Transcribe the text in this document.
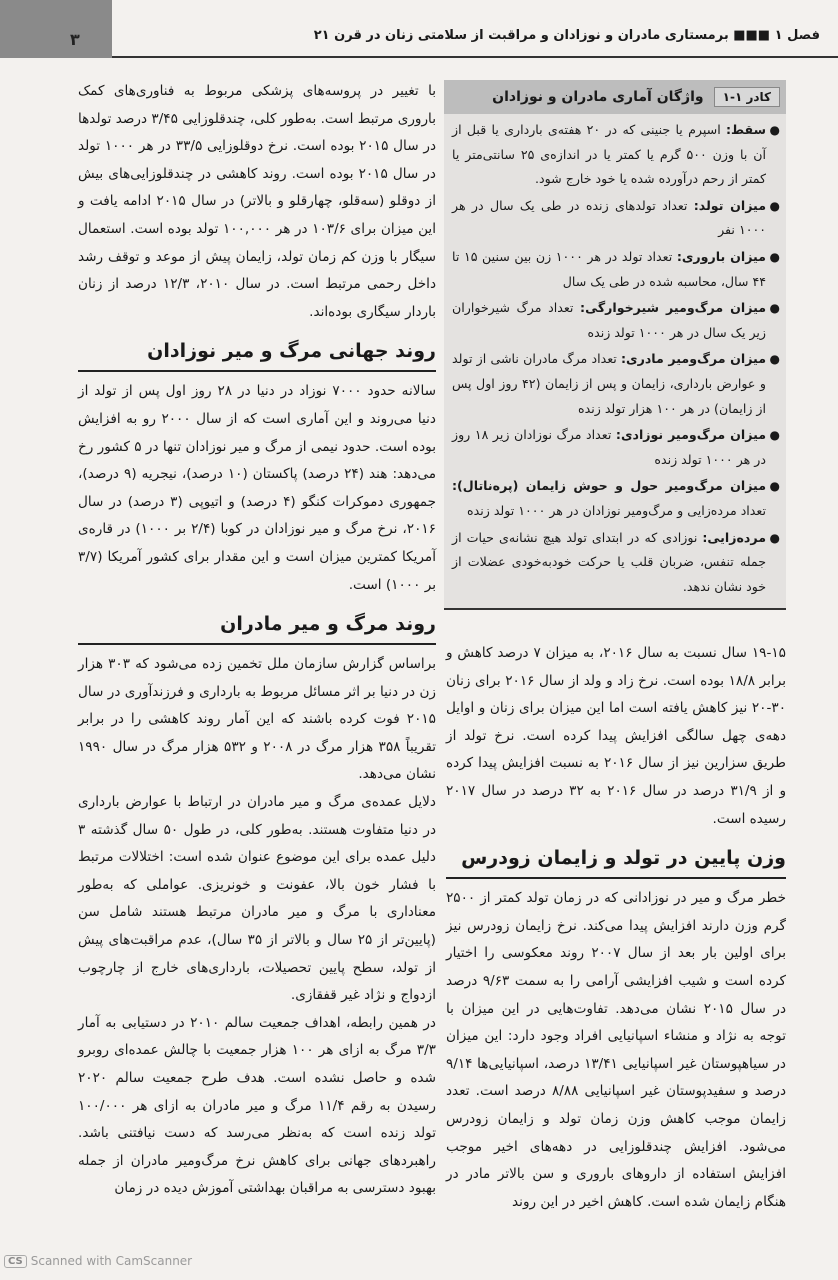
۳	فصل ۱ ■■■ برمستاری مادران و نوزادان و مراقبت از سلامتی زنان در قرن ۲۱
کادر ۱-۱
واژگان آماری مادران و نوزادان
●
سقط: اسپرم یا جنینی که در ۲۰ هفته‌ی بارداری یا قبل از آن با وزن ۵۰۰ گرم یا کمتر یا در اندازه‌ی ۲۵ سانتی‌متر یا کمتر از رحم درآورده شده یا خود خارج شود.
●
میزان تولد: تعداد تولدهای زنده در طی یک سال در هر ۱۰۰۰ نفر
●
میزان باروری: تعداد تولد در هر ۱۰۰۰ زن بین سنین ۱۵ تا ۴۴ سال، محاسبه شده در طی یک سال
●
میزان مرگ‌ومیر شیرخوارگی: تعداد مرگ شیرخواران زیر یک سال در هر ۱۰۰۰ تولد زنده
●
میزان مرگ‌ومیر مادری: تعداد مرگ مادران ناشی از تولد و عوارض بارداری، زایمان و پس از زایمان (۴۲ روز اول پس از زایمان) در هر ۱۰۰ هزار تولد زنده
●
میزان مرگ‌ومیر نوزادی: تعداد مرگ نوزادان زیر ۱۸ روز در هر ۱۰۰۰ تولد زنده
●
میزان مرگ‌ومیر حول و حوش زایمان (پره‌ناتال): تعداد مرده‌زایی و مرگ‌ومیر نوزادان در هر ۱۰۰۰ تولد زنده
●
مرده‌زایی: نوزادی که در ابتدای تولد هیچ نشانه‌ی حیات از جمله تنفس، ضربان قلب یا حرکت خودبه‌خودی عضلات از خود نشان ندهد.

با تغییر در پروسه‌های پزشکی مربوط به فناوری‌های کمک باروری مرتبط است. به‌طور کلی، چندقلوزایی ۳/۴۵ درصد تولدها در سال ۲۰۱۵ بوده است. نرخ دوقلوزایی ۳۳/۵ در هر ۱۰۰۰ تولد در سال ۲۰۱۵ بوده است. روند کاهشی در چندقلوزایی‌های بیش از دوقلو (سه‌قلو، چهارقلو و بالاتر) در سال ۲۰۱۵ ادامه یافت و این میزان برای ۱۰۳/۶ در هر ۱۰۰,۰۰۰ تولد بوده است. استعمال سیگار با وزن کم زمان تولد، زایمان پیش از موعد و توقف رشد داخل رحمی مرتبط است. در سال ۲۰۱۰، ۱۲/۳ درصد از زنان باردار سیگاری بوده‌اند.

روند جهانی مرگ و میر نوزادان

سالانه حدود ۷۰۰۰ نوزاد در دنیا در ۲۸ روز اول پس از تولد از دنیا می‌روند و این آماری است که از سال ۲۰۰۰ رو به افزایش بوده است. حدود نیمی از مرگ و میر نوزادان تنها در ۵ کشور رخ می‌دهد: هند (۲۴ درصد) پاکستان (۱۰ درصد)، نیجریه (۹ درصد)، جمهوری دموکرات کنگو (۴ درصد) و اتیوپی (۳ درصد) در سال ۲۰۱۶، نرخ مرگ و میر نوزادان در کوبا (۲/۴ بر ۱۰۰۰) در قاره‌ی آمریکا کمترین میزان است و این مقدار برای کشور آمریکا (۳/۷ بر ۱۰۰۰) است.

روند مرگ و میر مادران

براساس گزارش سازمان ملل تخمین زده می‌شود که ۳۰۳ هزار زن در دنیا بر اثر مسائل مربوط به بارداری و فرزندآوری در سال ۲۰۱۵ فوت کرده باشند که این آمار روند کاهشی را در برابر تقریباً ۳۵۸ هزار مرگ در ۲۰۰۸ و ۵۳۲ هزار مرگ در سال ۱۹۹۰ نشان می‌دهد.

دلایل عمده‌ی مرگ و میر مادران در ارتباط با عوارض بارداری در دنیا متفاوت هستند. به‌طور کلی، در طول ۵۰ سال گذشته ۳ دلیل عمده برای این موضوع عنوان شده است: اختلالات مرتبط با فشار خون بالا، عفونت و خونریزی. عواملی که به‌طور معناداری با مرگ و میر مادران مرتبط هستند شامل سن (پایین‌تر از ۲۵ سال و بالاتر از ۳۵ سال)، عدم مراقبت‌های پیش از تولد، سطح پایین تحصیلات، بارداری‌های خارج از چارچوب ازدواج و نژاد غیر قفقازی.

در همین رابطه، اهداف جمعیت سالم ۲۰۱۰ در دستیابی به آمار ۳/۳ مرگ به ازای هر ۱۰۰ هزار جمعیت با چالش عمده‌ای روبرو شده و حاصل نشده است. هدف طرح جمعیت سالم ۲۰۲۰ رسیدن به رقم ۱۱/۴ مرگ و میر مادران به ازای هر ۱۰۰/۰۰۰ تولد زنده است که به‌نظر می‌رسد که دست نیافتنی باشد. راهبردهای جهانی برای کاهش نرخ مرگ‌ومیر مادران از جمله بهبود دسترسی به مراقبان بهداشتی آموزش دیده در زمان

۱۹-۱۵ سال نسبت به سال ۲۰۱۶، به میزان ۷ درصد کاهش و برابر ۱۸/۸ بوده است. نرخ زاد و ولد از سال ۲۰۱۶ برای زنان ۳۰-۲۰ نیز کاهش یافته است اما این میزان برای زنان و اوایل دهه‌ی چهل سالگی افزایش پیدا کرده است. نرخ تولد از طریق سزارین نیز از سال ۲۰۱۶ به نسبت افزایش پیدا کرده و از ۳۱/۹ درصد در سال ۲۰۱۶ به ۳۲ درصد در سال ۲۰۱۷ رسیده است.

وزن پایین در تولد و زایمان زودرس

خطر مرگ و میر در نوزادانی که در زمان تولد کمتر از ۲۵۰۰ گرم وزن دارند افزایش پیدا می‌کند. نرخ زایمان زودرس نیز برای اولین بار بعد از سال ۲۰۰۷ روند معکوسی را اختیار کرده است و شیب افزایشی آرامی را به سمت ۹/۶۳ درصد در سال ۲۰۱۵ نشان می‌دهد. تفاوت‌هایی در این میزان با توجه به نژاد و منشاء اسپانیایی افراد وجود دارد: این میزان در سیاهپوستان غیر اسپانیایی ۱۳/۴۱ درصد، اسپانیایی‌ها ۹/۱۴ درصد و سفیدپوستان غیر اسپانیایی ۸/۸۸ درصد است. تعدد زایمان موجب کاهش وزن زمان تولد و زایمان زودرس می‌شود. افزایش چندقلوزایی در دهه‌های اخیر موجب افزایش استفاده از داروهای باروری و سن بالاتر مادر در هنگام زایمان شده است. کاهش اخیر در این روند

CS Scanned with CamScanner
